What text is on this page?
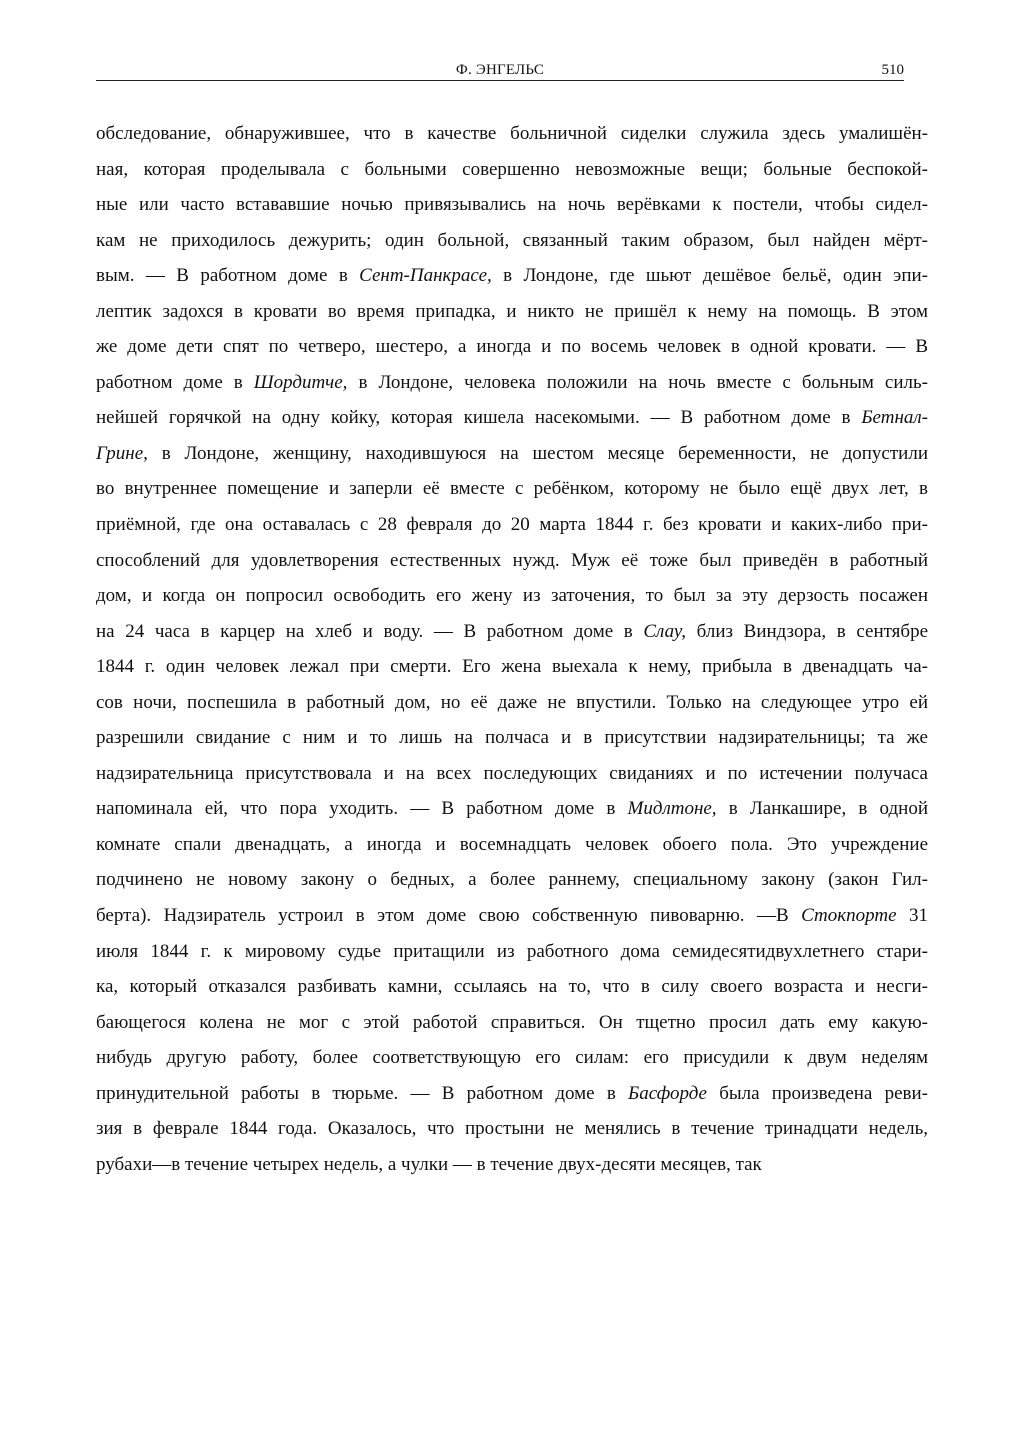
Ф. ЭНГЕЛЬС	510
обследование, обнаружившее, что в качестве больничной сиделки служила здесь умалишён-
ная, которая проделывала с больными совершенно невозможные вещи; больные беспокой-
ные или часто встававшие ночью привязывались на ночь верёвками к постели, чтобы сидел-
кам не приходилось дежурить; один больной, связанный таким образом, был найден мёрт-
вым. — В работном доме в Сент-Панкрасе, в Лондоне, где шьют дешёвое бельё, один эпи-
лептик задохся в кровати во время припадка, и никто не пришёл к нему на помощь. В этом
же доме дети спят по четверо, шестеро, а иногда и по восемь человек в одной кровати. — В
работном доме в Шордитче, в Лондоне, человека положили на ночь вместе с больным силь-
нейшей горячкой на одну койку, которая кишела насекомыми. — В работном доме в Бетнал-
Грине, в Лондоне, женщину, находившуюся на шестом месяце беременности, не допустили
во внутреннее помещение и заперли её вместе с ребёнком, которому не было ещё двух лет, в
приёмной, где она оставалась с 28 февраля до 20 марта 1844 г. без кровати и каких-либо при-
способлений для удовлетворения естественных нужд. Муж её тоже был приведён в работный
дом, и когда он попросил освободить его жену из заточения, то был за эту дерзость посажен
на 24 часа в карцер на хлеб и воду. — В работном доме в Слау, близ Виндзора, в сентябре
1844 г. один человек лежал при смерти. Его жена выехала к нему, прибыла в двенадцать ча-
сов ночи, поспешила в работный дом, но её даже не впустили. Только на следующее утро ей
разрешили свидание с ним и то лишь на полчаса и в присутствии надзирательницы; та же
надзирательница присутствовала и на всех последующих свиданиях и по истечении получаса
напоминала ей, что пора уходить. — В работном доме в Мидлтоне, в Ланкашире, в одной
комнате спали двенадцать, а иногда и восемнадцать человек обоего пола. Это учреждение
подчинено не новому закону о бедных, а более раннему, специальному закону (закон Гил-
берта). Надзиратель устроил в этом доме свою собственную пивоварню. —В Стокпорте 31
июля 1844 г. к мировому судье притащили из работного дома семидесятидвухлетнего стари-
ка, который отказался разбивать камни, ссылаясь на то, что в силу своего возраста и несги-
бающегося колена не мог с этой работой справиться. Он тщетно просил дать ему какую-
нибудь другую работу, более соответствующую его силам: его присудили к двум неделям
принудительной работы в тюрьме. — В работном доме в Басфорде была произведена реви-
зия в феврале 1844 года. Оказалось, что простыни не менялись в течение тринадцати недель,
рубахи—в течение четырех недель, а чулки — в течение двух-десяти месяцев, так
